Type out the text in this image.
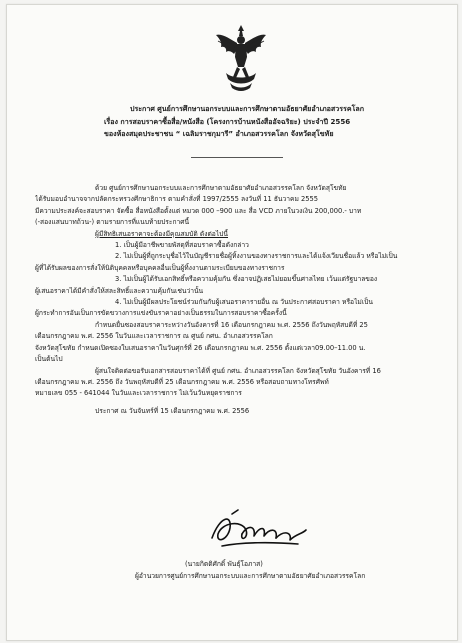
ประกาศ ศูนย์การศึกษานอกระบบและการศึกษาตามอัธยาศัยอำเภอสวรรคโลก
เรื่อง การสอบราคาซื้อสื่อ/หนังสือ (โครงการบ้านหนังสืออัจฉริยะ) ประจำปี 2556
ของห้องสมุดประชาชน “ เฉลิมราชกุมารี” อำเภอสวรรคโลก จังหวัดสุโขทัย
ด้วย ศูนย์การศึกษานอกระบบและการศึกษาตามอัธยาศัยอำเภอสวรรคโลก จังหวัดสุโขทัย
ได้รับมอบอำนาจจากปลัดกระทรวงศึกษาธิการ ตามคำสั่งที่ 1997/2555 ลงวันที่ 11 ธันวาคม 2555
มีความประสงค์จะสอบราคา จัดซื้อ สื่อหนังสือตั้งแต่ หมวด 000 –900 และ สื่อ VCD ภายในวงเงิน 200,000.- บาท
(-สองแสนบาทถ้วน-) ตามรายการที่แนบท้ายประกาศนี้
ผู้มีสิทธิเสนอราคาจะต้องมีคุณสมบัติ ดังต่อไปนี้
1. เป็นผู้มีอาชีพขายพัสดุที่สอบราคาซื้อดังกล่าว
2. ไม่เป็นผู้ที่ถูกระบุชื่อไว้ในบัญชีรายชื่อผู้ทิ้งงานของทางราชการและได้แจ้งเวียนชื่อแล้ว หรือไม่เป็น
ผู้ที่ได้รับผลของการสั่งให้นิติบุคคลหรือบุคคลอื่นเป็นผู้ทิ้งงานตามระเบียบของทางราชการ
3. ไม่เป็นผู้ได้รับเอกสิทธิ์หรือความคุ้มกัน ซึ่งอาจปฏิเสธไม่ยอมขึ้นศาลไทย เว้นแต่รัฐบาลของ
ผู้เสนอราคาได้มีคำสั่งให้สละสิทธิ์และความคุ้มกันเช่นว่านั้น
4. ไม่เป็นผู้มีผลประโยชน์ร่วมกันกับผู้เสนอราคารายอื่น ณ วันประกาศสอบราคา หรือไม่เป็น
ผู้กระทำการอันเป็นการขัดขวางการแข่งขันราคาอย่างเป็นธรรมในการสอบราคาซื้อครั้งนี้
กำหนดยื่นซองสอบราคาระหว่างวันอังคารที่ 16 เดือนกรกฎาคม พ.ศ. 2556 ถึงวันพฤหัสบดีที่ 25
เดือนกรกฎาคม พ.ศ. 2556 ในวันและเวลาราชการ ณ ศูนย์ กศน. อำเภอสวรรคโลก
จังหวัดสุโขทัย กำหนดเปิดซองใบเสนอราคาในวันศุกร์ที่ 26 เดือนกรกฎาคม พ.ศ. 2556 ตั้งแต่เวลา09.00–11.00 น.
เป็นต้นไป
ผู้สนใจติดต่อขอรับเอกสารสอบราคาได้ที่ ศูนย์ กศน. อำเภอสวรรคโลก จังหวัดสุโขทัย วันอังคารที่ 16
เดือนกรกฎาคม พ.ศ. 2556 ถึง วันพฤหัสบดีที่ 25 เดือนกรกฎาคม พ.ศ. 2556 หรือสอบถามทางโทรศัพท์
หมายเลข 055 - 641044 ในวันและเวลาราชการ ไม่เว้นวันหยุดราชการ
ประกาศ ณ วันจันทร์ที่ 15 เดือนกรกฎาคม พ.ศ. 2556
(นายกิตติศักดิ์ พันธุ์โอภาส)
ผู้อำนวยการศูนย์การศึกษานอกระบบและการศึกษาตามอัธยาศัยอำเภอสวรรคโลก
